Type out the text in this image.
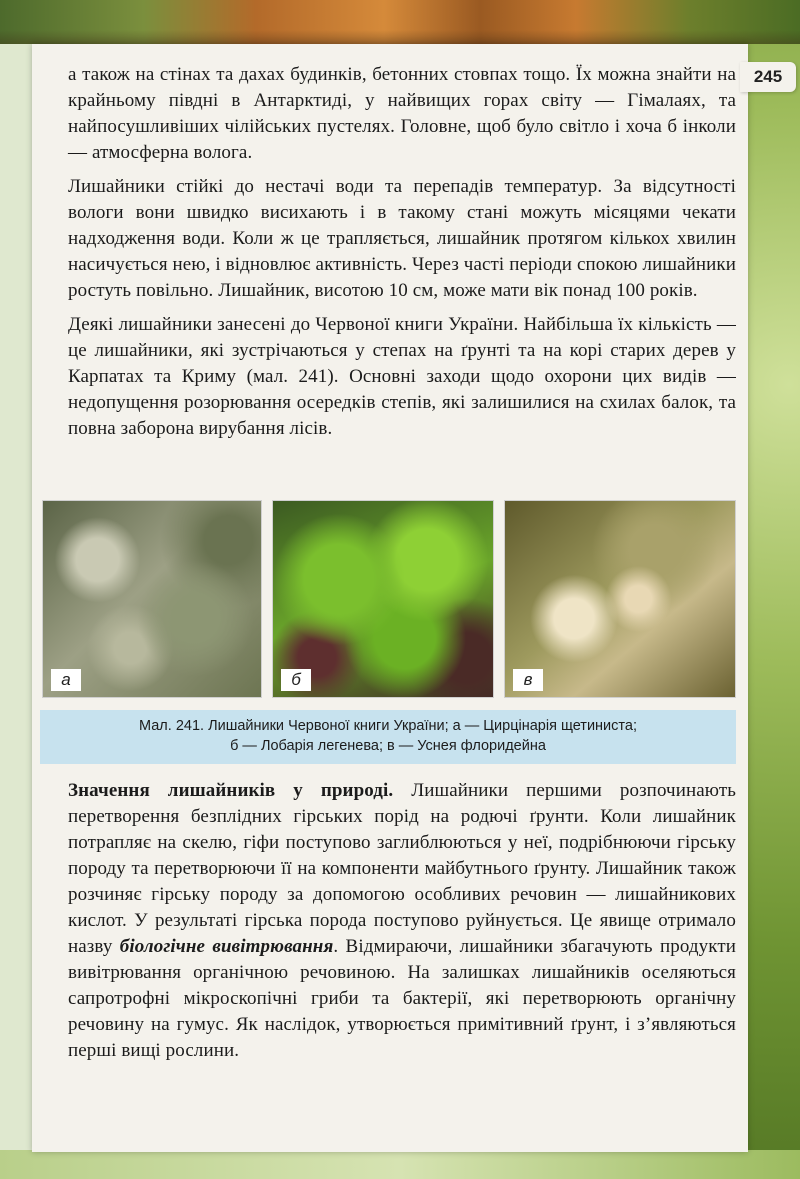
245

а також на стінах та дахах будинків, бетонних стовпах тощо. Їх можна знайти на крайньому півдні в Антарктиді, у найвищих горах світу — Гімалаях, та найпосушливіших чілійських пустелях. Головне, щоб було світло і хоча б інколи — атмосферна волога.

Лишайники стійкі до нестачі води та перепадів температур. За відсутності вологи вони швидко висихають і в такому стані можуть місяцями чекати надходження води. Коли ж це трапляється, лишайник протягом кількох хвилин насичується нею, і відновлює активність. Через часті періоди спокою лишайники ростуть повільно. Лишайник, висотою 10 см, може мати вік понад 100 років.

Деякі лишайники занесені до Червоної книги України. Найбільша їх кількість — це лишайники, які зустрічаються у степах на ґрунті та на корі старих дерев у Карпатах та Криму (мал. 241). Основні заходи щодо охорони цих видів — недопущення розорювання осередків степів, які залишилися на схилах балок, та повна заборона вирубання лісів.

а	б	в
Мал. 241. Лишайники Червоної книги України; а — Цирцінарія щетиниста;
б — Лобарія легенева; в — Уснея флоридейна

Значення лишайників у природі. Лишайники першими розпочинають перетворення безплідних гірських порід на родючі ґрунти. Коли лишайник потрапляє на скелю, гіфи поступово заглиблюються у неї, подрібнюючи гірську породу та перетворюючи її на компоненти майбутнього ґрунту. Лишайник також розчиняє гірську породу за допомогою особливих речовин — лишайникових кислот. У результаті гірська порода поступово руйнується. Це явище отримало назву біологічне вивітрювання. Відмираючи, лишайники збагачують продукти вивітрювання органічною речовиною. На залишках лишайників оселяються сапротрофні мікроскопічні гриби та бактерії, які перетворюють органічну речовину на гумус. Як наслідок, утворюється примітивний ґрунт, і з’являються перші вищі рослини.
